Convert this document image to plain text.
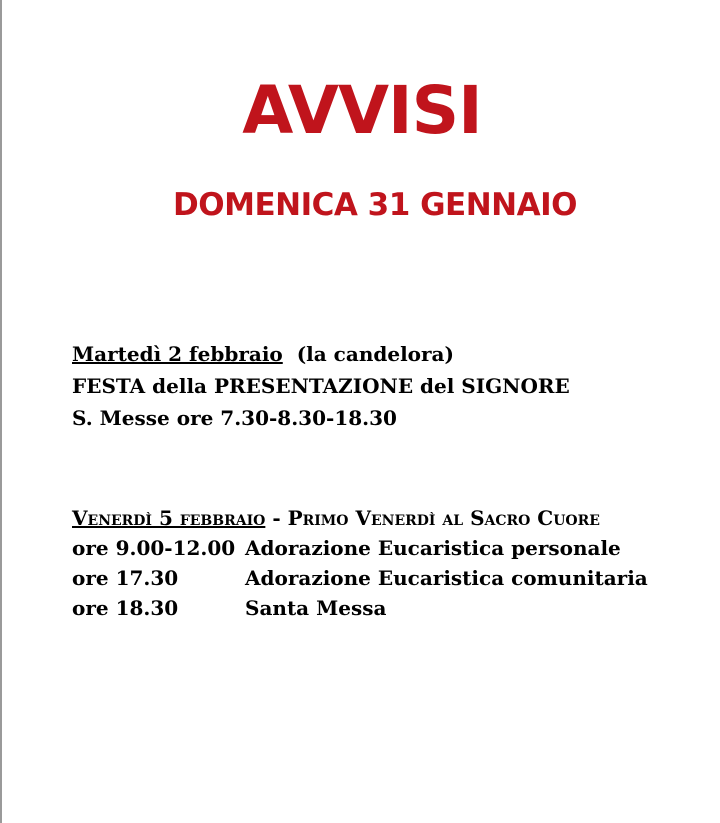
AVVISI
DOMENICA 31 GENNAIO
Martedì 2 febbraio (la candelora)
FESTA della PRESENTAZIONE del SIGNORE
S. Messe ore 7.30-8.30-18.30
Venerdì 5 febbraio - Primo Venerdì al Sacro Cuore
ore 9.00-12.00 Adorazione Eucaristica personale
ore 17.30	Adorazione Eucaristica comunitaria
ore 18.30	Santa Messa
